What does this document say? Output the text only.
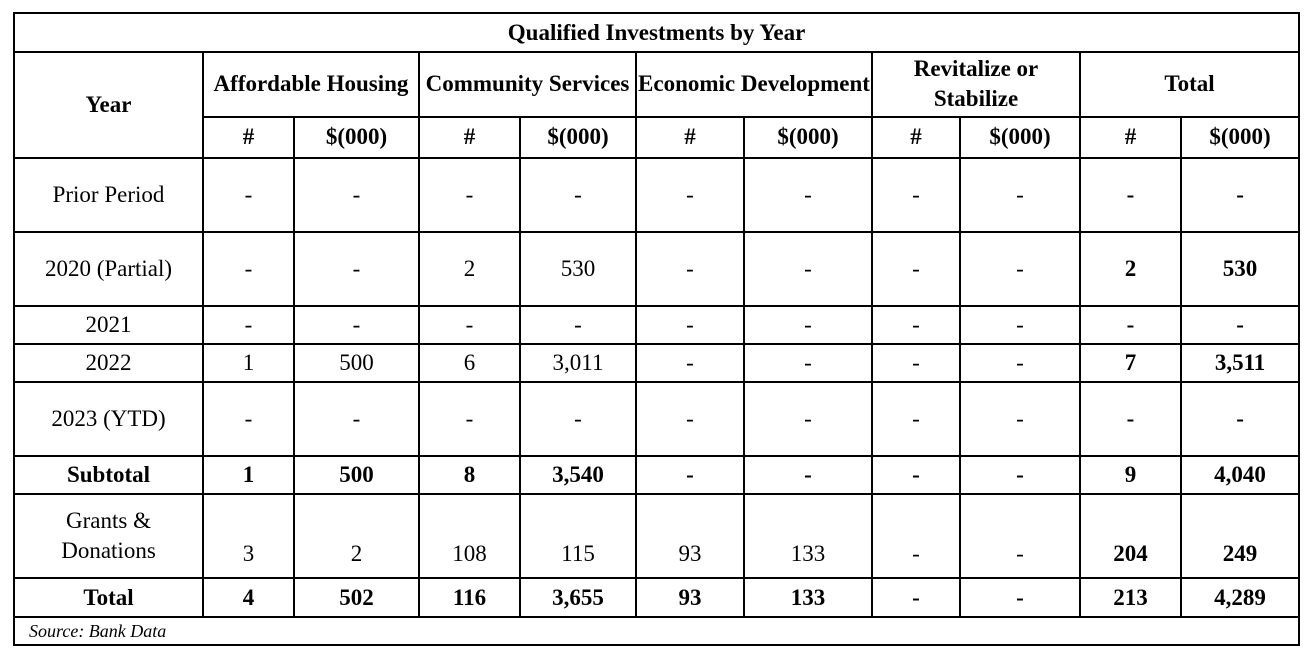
Qualified Investments by Year										
Year	Affordable Housing		Community Services		Economic Development		Revitalize or Stabilize		Total	
	#	$(000)	#	$(000)	#	$(000)	#	$(000)	#	$(000)
Prior Period	-	-	-	-	-	-	-	-	-	-
2020 (Partial)	-	-	2	530	-	-	-	-	2	530
2021	-	-	-	-	-	-	-	-	-	-
2022	1	500	6	3,011	-	-	-	-	7	3,511
2023 (YTD)	-	-	-	-	-	-	-	-	-	-
Subtotal	1	500	8	3,540	-	-	-	-	9	4,040
Grants & Donations	3	2	108	115	93	133	-	-	204	249
Total	4	502	116	3,655	93	133	-	-	213	4,289
Source: Bank Data										
